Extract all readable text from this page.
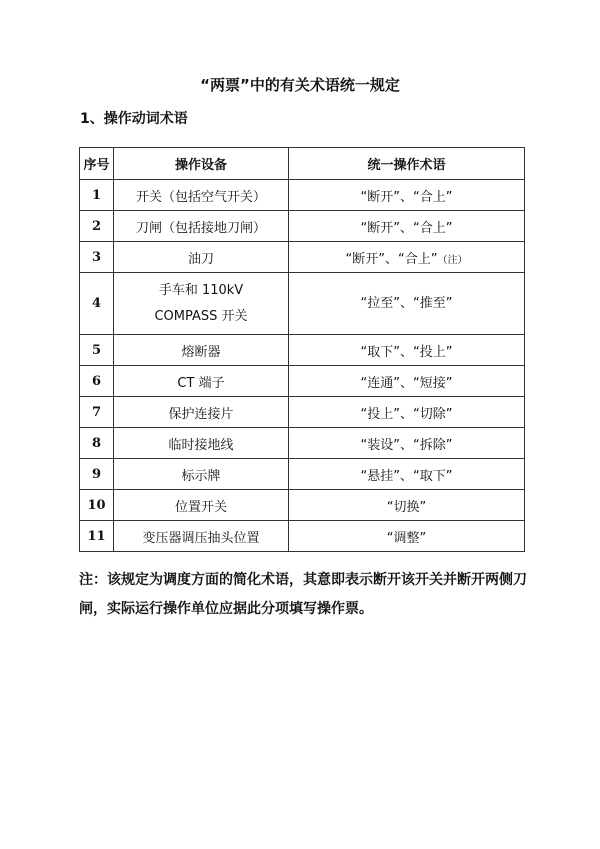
“两票”中的有关术语统一规定
1、操作动词术语
序号	操作设备	统一操作术语
1	开关（包括空气开关）	“断开”、“合上”
2	刀闸（包括接地刀闸）	“断开”、“合上”
3	油刀	“断开”、“合上”（注）
4	手车和 110kV
COMPASS 开关	“拉至”、“推至”
5	熔断器	“取下”、“投上”
6	CT 端子	“连通”、“短接”
7	保护连接片	“投上”、“切除”
8	临时接地线	“装设”、“拆除”
9	标示牌	“悬挂”、“取下”
10	位置开关	“切换”
11	变压器调压抽头位置	“调整”
注：该规定为调度方面的简化术语，其意即表示断开该开关并断开两侧刀闸，实际运行操作单位应据此分项填写操作票。
